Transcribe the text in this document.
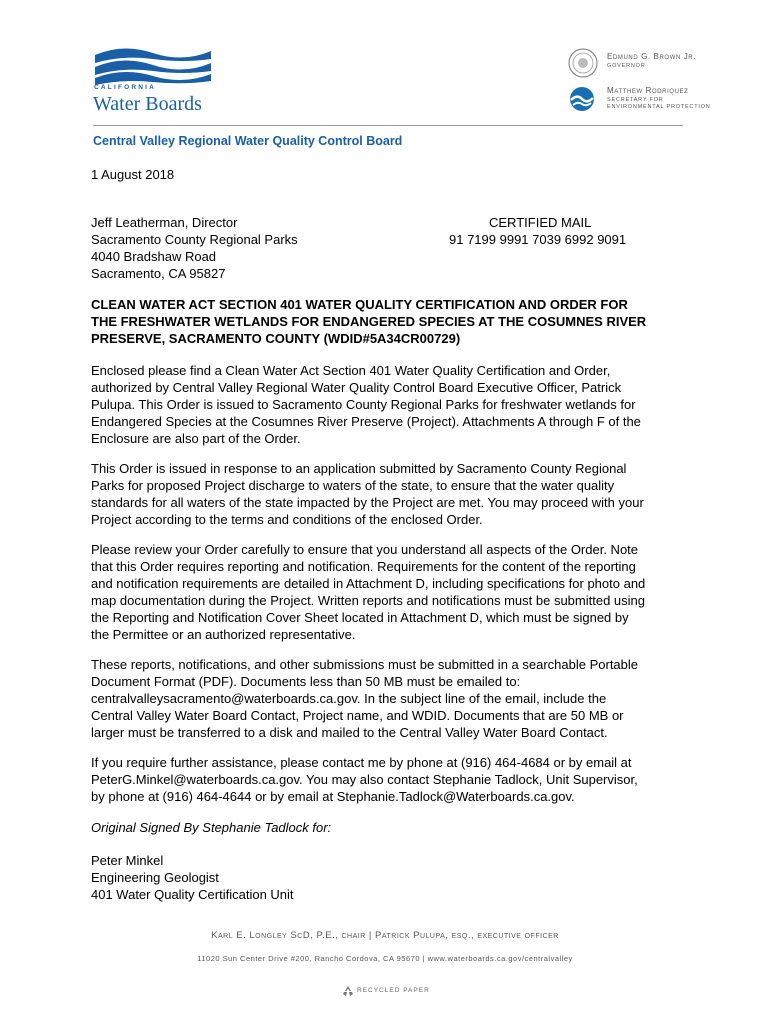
CALIFORNIA
Water Boards
Edmund G. Brown Jr.
GOVERNOR
Matthew Rodriquez
SECRETARY FOR
ENVIRONMENTAL PROTECTION
Central Valley Regional Water Quality Control Board
1 August 2018
Jeff Leatherman, Director
Sacramento County Regional Parks
4040 Bradshaw Road
Sacramento, CA 95827
CERTIFIED MAIL
91 7199 9991 7039 6992 9091
CLEAN WATER ACT SECTION 401 WATER QUALITY CERTIFICATION AND ORDER FOR
THE FRESHWATER WETLANDS FOR ENDANGERED SPECIES AT THE COSUMNES RIVER
PRESERVE, SACRAMENTO COUNTY (WDID#5A34CR00729)
Enclosed please find a Clean Water Act Section 401 Water Quality Certification and Order,
authorized by Central Valley Regional Water Quality Control Board Executive Officer, Patrick
Pulupa. This Order is issued to Sacramento County Regional Parks for freshwater wetlands for
Endangered Species at the Cosumnes River Preserve (Project). Attachments A through F of the
Enclosure are also part of the Order.
This Order is issued in response to an application submitted by Sacramento County Regional
Parks for proposed Project discharge to waters of the state, to ensure that the water quality
standards for all waters of the state impacted by the Project are met. You may proceed with your
Project according to the terms and conditions of the enclosed Order.
Please review your Order carefully to ensure that you understand all aspects of the Order. Note
that this Order requires reporting and notification. Requirements for the content of the reporting
and notification requirements are detailed in Attachment D, including specifications for photo and
map documentation during the Project. Written reports and notifications must be submitted using
the Reporting and Notification Cover Sheet located in Attachment D, which must be signed by
the Permittee or an authorized representative.
These reports, notifications, and other submissions must be submitted in a searchable Portable
Document Format (PDF). Documents less than 50 MB must be emailed to:
centralvalleysacramento@waterboards.ca.gov. In the subject line of the email, include the
Central Valley Water Board Contact, Project name, and WDID. Documents that are 50 MB or
larger must be transferred to a disk and mailed to the Central Valley Water Board Contact.
If you require further assistance, please contact me by phone at (916) 464-4684 or by email at
PeterG.Minkel@waterboards.ca.gov. You may also contact Stephanie Tadlock, Unit Supervisor,
by phone at (916) 464-4644 or by email at Stephanie.Tadlock@Waterboards.ca.gov.
Original Signed By Stephanie Tadlock for:
Peter Minkel
Engineering Geologist
401 Water Quality Certification Unit
Karl E. Longley ScD, P.E., chair | Patrick Pulupa, esq., executive officer
11020 Sun Center Drive #200, Rancho Cordova, CA 95670 | www.waterboards.ca.gov/centralvalley
RECYCLED PAPER
